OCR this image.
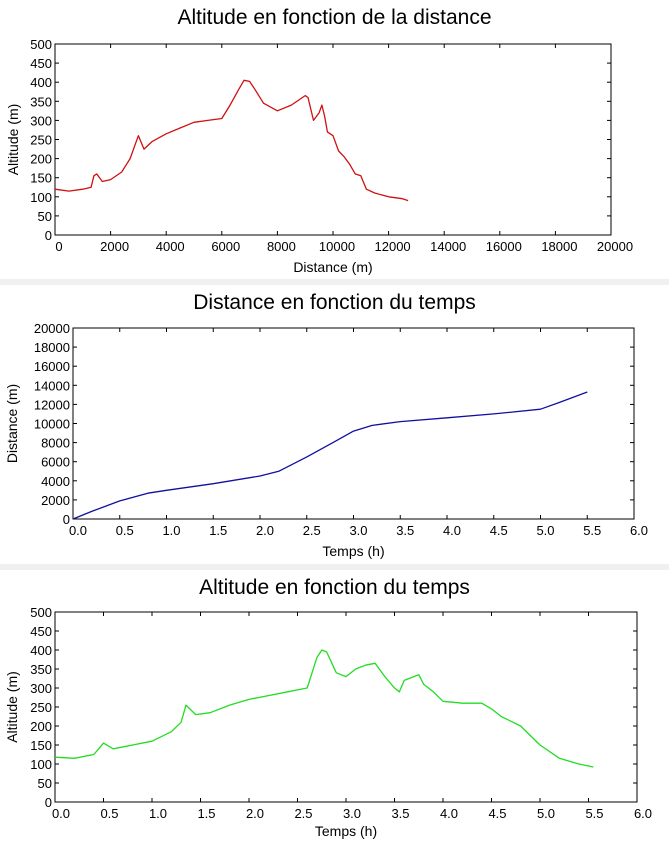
Altitude en fonction de la distance
0
50
100
150
200
250
300
350
400
450
500
0	2000 4000 6000 8000 10000 12000 14000 16000 18000 20000
Distance (m)
Altitude (m)
Distance en fonction du temps
0
2000
4000
6000
8000
10000
12000
14000
16000
18000
20000
0.0 0.5 1.0 1.5 2.0 2.5 3.0 3.5 4.0 4.5 5.0 5.5 6.0
Temps (h)
Distance (m)
Altitude en fonction du temps
0
50
100
150
200
250
300
350
400
450
500
0.0 0.5 1.0 1.5 2.0 2.5 3.0 3.5 4.0 4.5 5.0 5.5 6.0
Temps (h)
Altitude (m)
